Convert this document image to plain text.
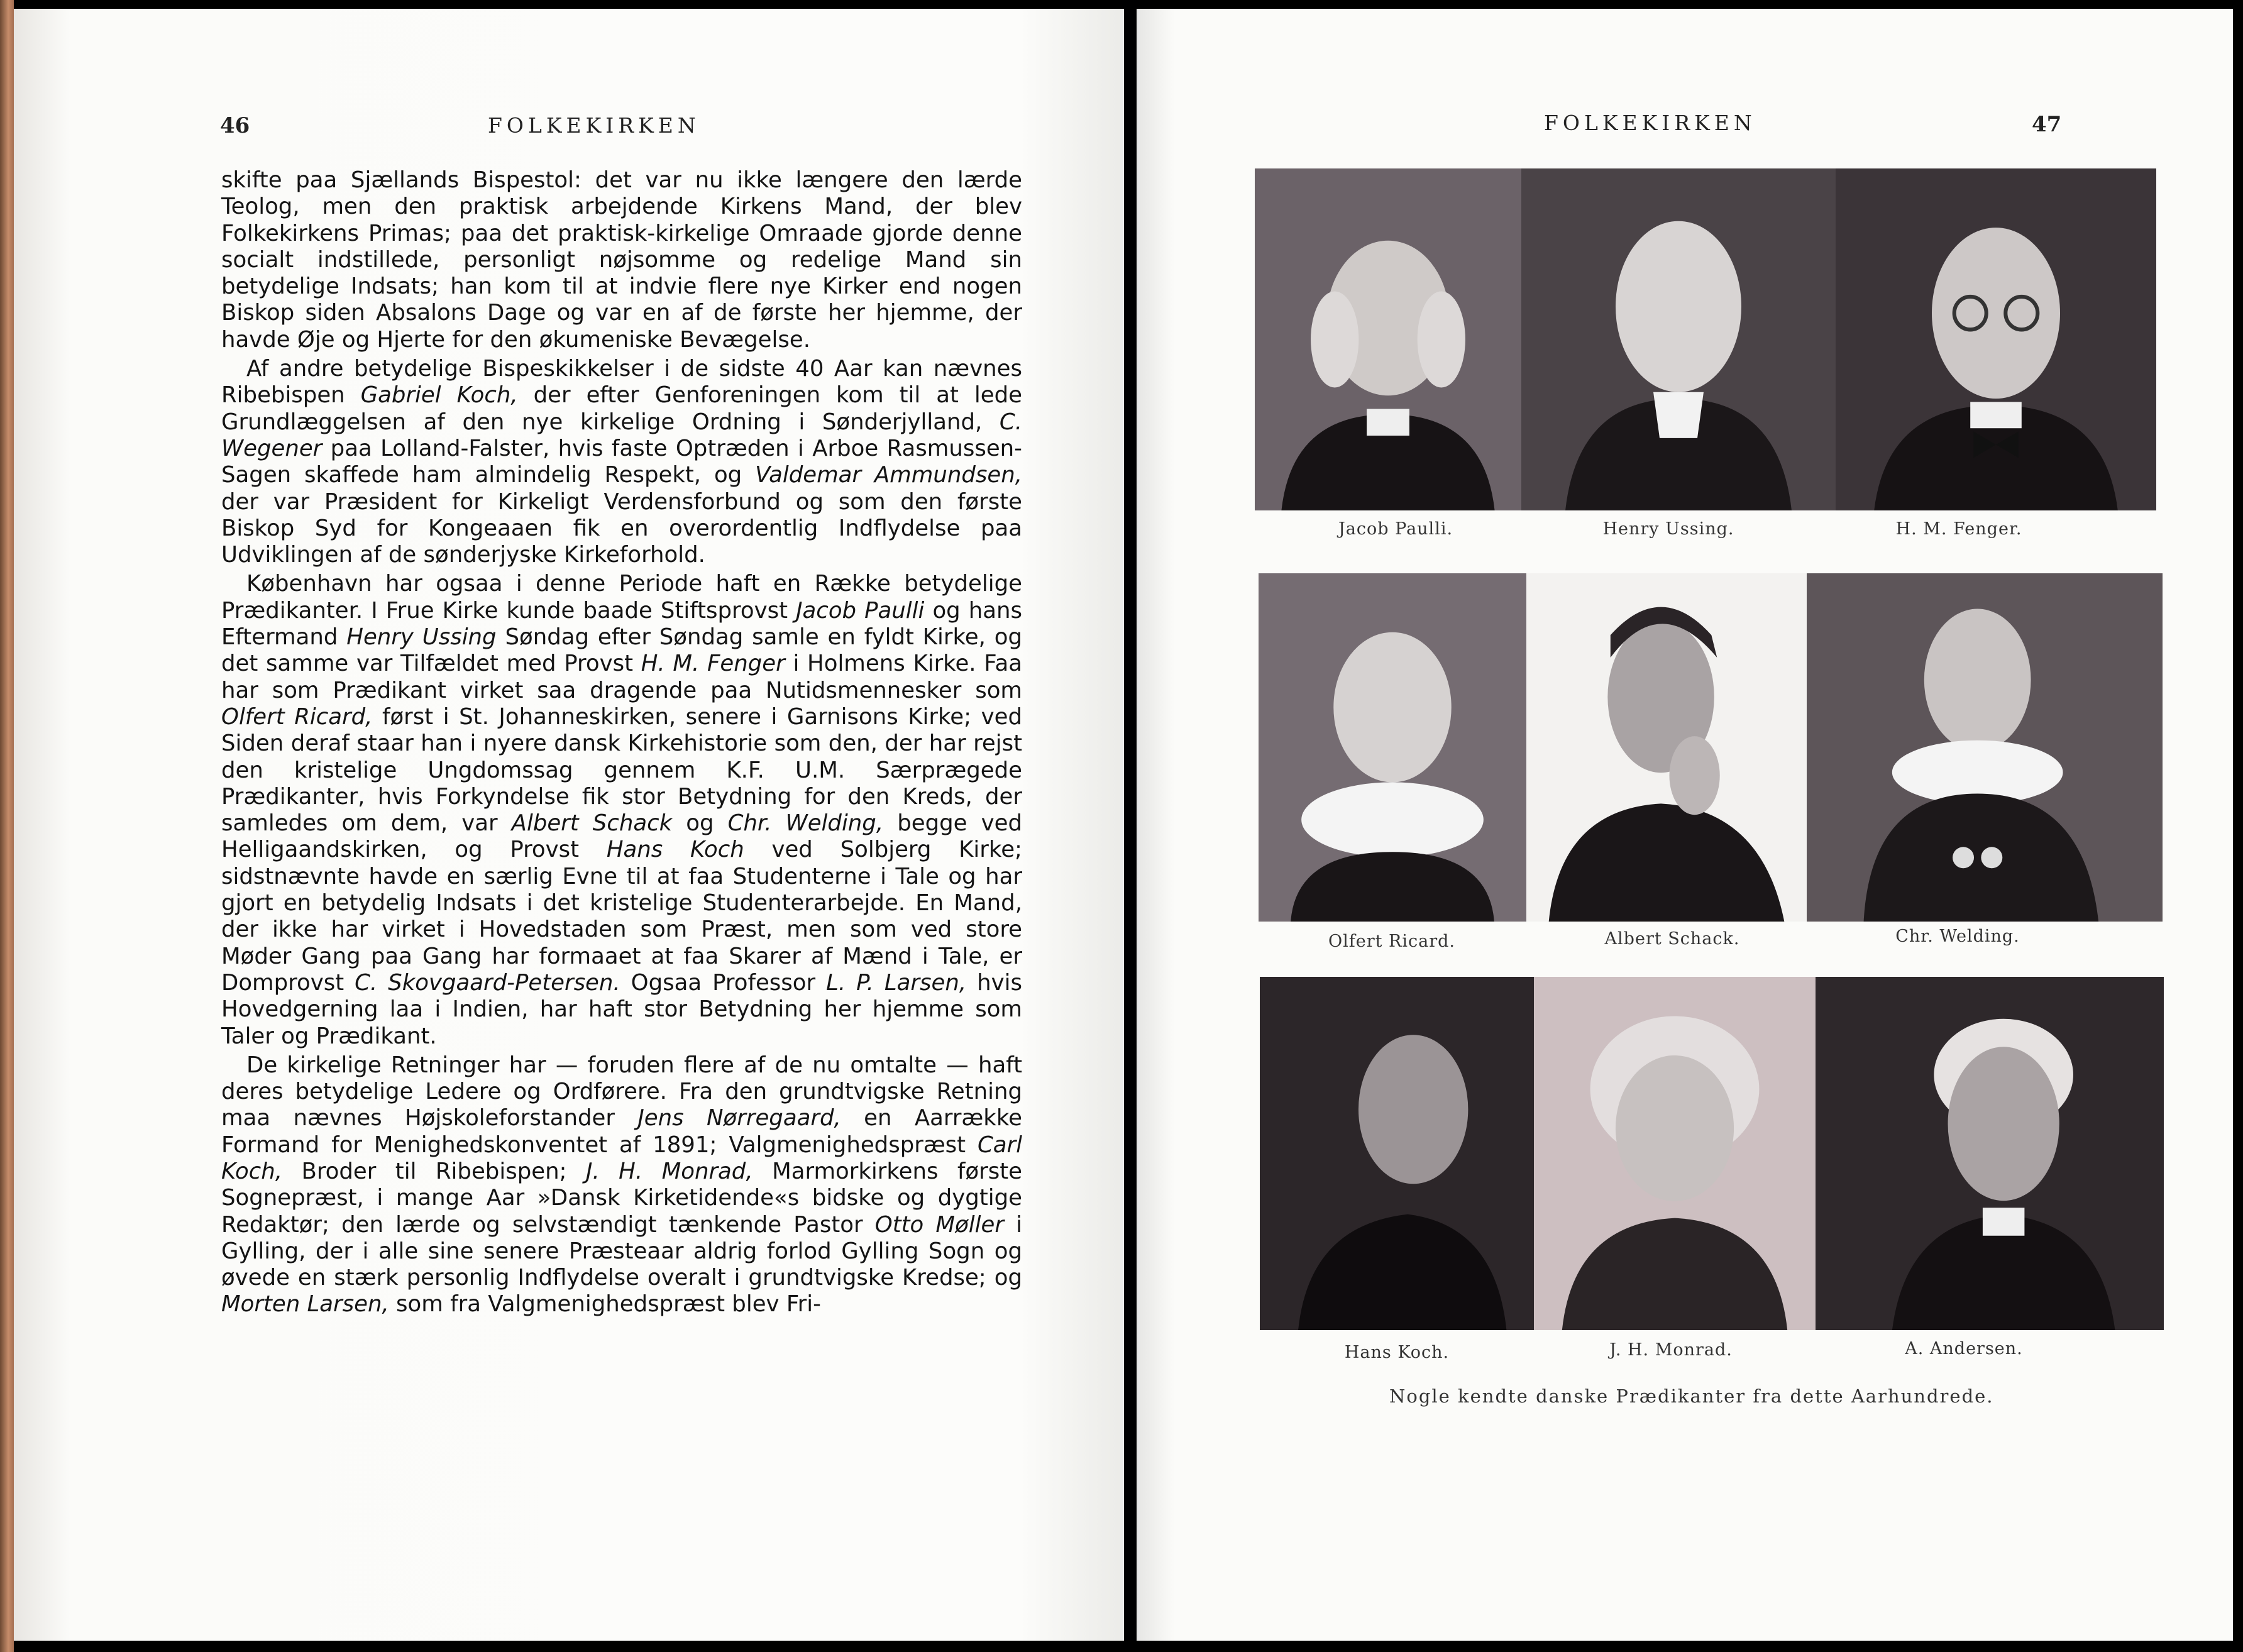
46	FOLKEKIRKEN

skifte paa Sjællands Bispestol: det var nu ikke længere den lærde Teolog, men den praktisk arbejdende Kirkens Mand, der blev Folkekirkens Primas; paa det praktisk-kirkelige Omraade gjorde denne socialt indstillede, personligt nøjsomme og redelige Mand sin betydelige Indsats; han kom til at indvie flere nye Kirker end nogen Biskop siden Absalons Dage og var en af de første her hjemme, der havde Øje og Hjerte for den økumeniske Bevægelse.

Af andre betydelige Bispeskikkelser i de sidste 40 Aar kan nævnes Ribebispen Gabriel Koch, der efter Genforeningen kom til at lede Grundlæggelsen af den nye kirkelige Ordning i Sønderjylland, C. Wegener paa Lolland-Falster, hvis faste Optræden i Arboe Rasmussen-Sagen skaffede ham almindelig Respekt, og Valdemar Ammundsen, der var Præsident for Kirkeligt Verdensforbund og som den første Biskop Syd for Kongeaaen fik en overordentlig Indflydelse paa Udviklingen af de sønderjyske Kirkeforhold.

København har ogsaa i denne Periode haft en Række betydelige Prædikanter. I Frue Kirke kunde baade Stiftsprovst Jacob Paulli og hans Eftermand Henry Ussing Søndag efter Søndag samle en fyldt Kirke, og det samme var Tilfældet med Provst H. M. Fenger i Holmens Kirke. Faa har som Prædikant virket saa dragende paa Nutidsmennesker som Olfert Ricard, først i St. Johanneskirken, senere i Garnisons Kirke; ved Siden deraf staar han i nyere dansk Kirkehistorie som den, der har rejst den kristelige Ungdomssag gennem K.F. U.M. Særprægede Prædikanter, hvis Forkyndelse fik stor Betydning for den Kreds, der samledes om dem, var Albert Schack og Chr. Welding, begge ved Helligaandskirken, og Provst Hans Koch ved Solbjerg Kirke; sidstnævnte havde en særlig Evne til at faa Studenterne i Tale og har gjort en betydelig Indsats i det kristelige Studenterarbejde. En Mand, der ikke har virket i Hovedstaden som Præst, men som ved store Møder Gang paa Gang har formaaet at faa Skarer af Mænd i Tale, er Domprovst C. Skovgaard-Petersen. Ogsaa Professor L. P. Larsen, hvis Hovedgerning laa i Indien, har haft stor Betydning her hjemme som Taler og Prædikant.

De kirkelige Retninger har — foruden flere af de nu omtalte — haft deres betydelige Ledere og Ordførere. Fra den grundtvigske Retning maa nævnes Højskoleforstander Jens Nørregaard, en Aarrække Formand for Menighedskonventet af 1891; Valgmenighedspræst Carl Koch, Broder til Ribebispen; J. H. Monrad, Marmorkirkens første Sognepræst, i mange Aar »Dansk Kirketidende«s bidske og dygtige Redaktør; den lærde og selvstændigt tænkende Pastor Otto Møller i Gylling, der i alle sine senere Præsteaar aldrig forlod Gylling Sogn og øvede en stærk personlig Indflydelse overalt i grundtvigske Kredse; og Morten Larsen, som fra Valgmenighedspræst blev Fri-

FOLKEKIRKEN	47
Jacob Paulli.	Henry Ussing.	H. M. Fenger.
Olfert Ricard.	Albert Schack.	Chr. Welding.
Hans Koch.	J. H. Monrad.	A. Andersen.
Nogle kendte danske Prædikanter fra dette Aarhundrede.
